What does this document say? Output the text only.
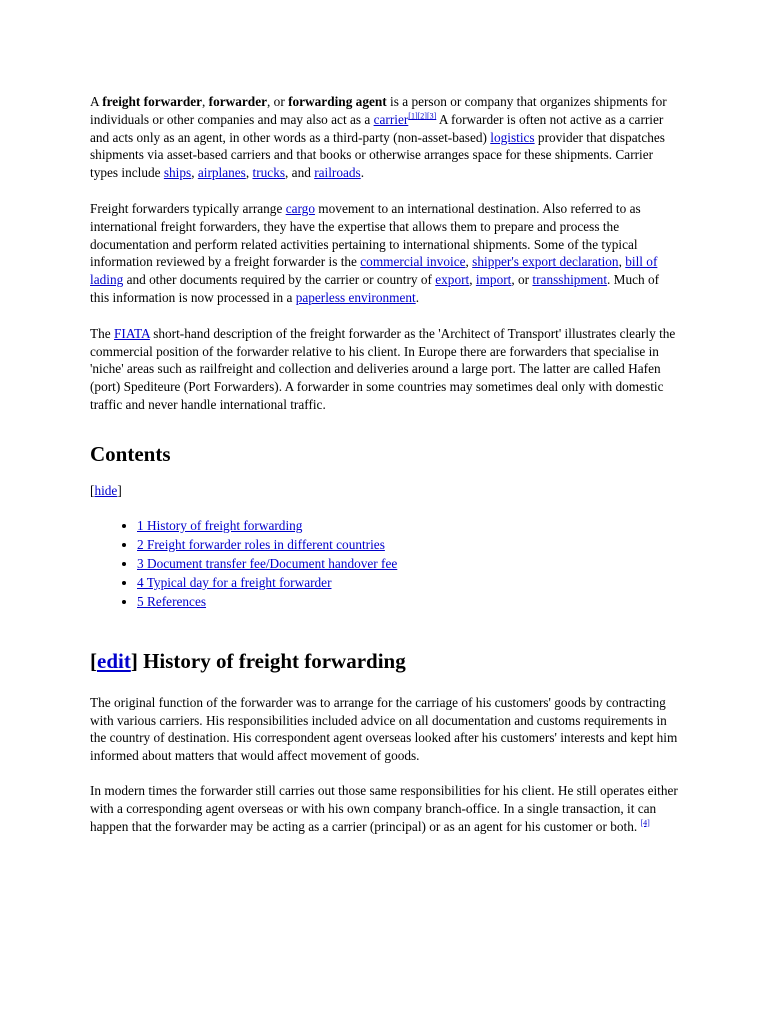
A freight forwarder, forwarder, or forwarding agent is a person or company that organizes shipments for individuals or other companies and may also act as a carrier[1][2][3] A forwarder is often not active as a carrier and acts only as an agent, in other words as a third-party (non-asset-based) logistics provider that dispatches shipments via asset-based carriers and that books or otherwise arranges space for these shipments. Carrier types include ships, airplanes, trucks, and railroads.

Freight forwarders typically arrange cargo movement to an international destination. Also referred to as international freight forwarders, they have the expertise that allows them to prepare and process the documentation and perform related activities pertaining to international shipments. Some of the typical information reviewed by a freight forwarder is the commercial invoice, shipper's export declaration, bill of lading and other documents required by the carrier or country of export, import, or transshipment. Much of this information is now processed in a paperless environment.

The FIATA short-hand description of the freight forwarder as the 'Architect of Transport' illustrates clearly the commercial position of the forwarder relative to his client. In Europe there are forwarders that specialise in 'niche' areas such as railfreight and collection and deliveries around a large port. The latter are called Hafen (port) Spediteure (Port Forwarders). A forwarder in some countries may sometimes deal only with domestic traffic and never handle international traffic.

Contents
[hide]
• 1 History of freight forwarding
• 2 Freight forwarder roles in different countries
• 3 Document transfer fee/Document handover fee
• 4 Typical day for a freight forwarder
• 5 References
[edit] History of freight forwarding

The original function of the forwarder was to arrange for the carriage of his customers' goods by contracting with various carriers. His responsibilities included advice on all documentation and customs requirements in the country of destination. His correspondent agent overseas looked after his customers' interests and kept him informed about matters that would affect movement of goods.

In modern times the forwarder still carries out those same responsibilities for his client. He still operates either with a corresponding agent overseas or with his own company branch-office. In a single transaction, it can happen that the forwarder may be acting as a carrier (principal) or as an agent for his customer or both. [4]
